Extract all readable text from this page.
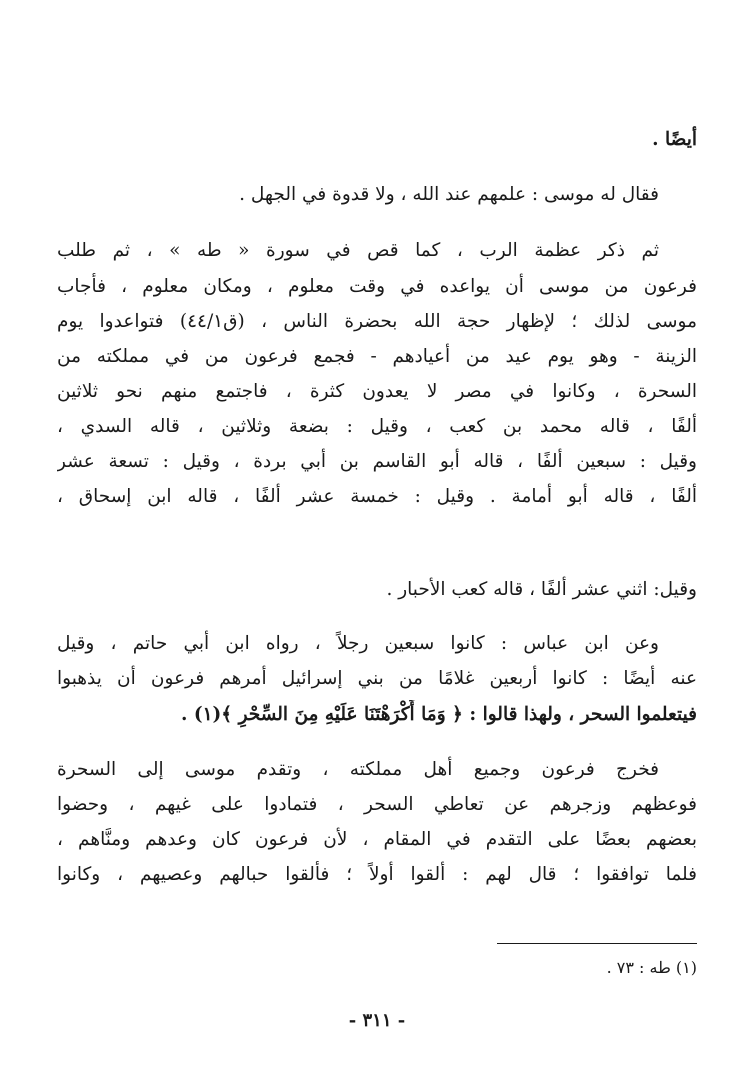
أيضًا .
فقال له موسى : علمهم عند الله ، ولا قدوة في الجهل .
ثم ذكر عظمة الرب ، كما قص في سورة « طه » ، ثم طلب
فرعون من موسى أن يواعده في وقت معلوم ، ومكان معلوم ، فأجاب
موسى لذلك ؛ لإظهار حجة الله بحضرة الناس ، (ق٤٤/١) فتواعدوا يوم
الزينة - وهو يوم عيد من أعيادهم - فجمع فرعون من في مملكته من
السحرة ، وكانوا في مصر لا يعدون كثرة ، فاجتمع منهم نحو ثلاثين
ألفًا ، قاله محمد بن كعب ، وقيل : بضعة وثلاثين ، قاله السدي ،
وقيل : سبعين ألفًا ، قاله أبو القاسم بن أبي بردة ، وقيل : تسعة عشر
ألفًا ، قاله أبو أمامة . وقيل : خمسة عشر ألفًا ، قاله ابن إسحاق ،
وقيل: اثني عشر ألفًا ، قاله كعب الأحبار .
وعن ابن عباس : كانوا سبعين رجلاً ، رواه ابن أبي حاتم ، وقيل
عنه أيضًا : كانوا أربعين غلامًا من بني إسرائيل أمرهم فرعون أن يذهبوا
فيتعلموا السحر ، ولهذا قالوا : ﴿ وَمَا أَكْرَهْتَنَا عَلَيْهِ مِنَ السِّحْرِ ﴾(١) .
فخرج فرعون وجميع أهل مملكته ، وتقدم موسى إلى السحرة
فوعظهم وزجرهم عن تعاطي السحر ، فتمادوا على غيهم ، وحضوا
بعضهم بعضًا على التقدم في المقام ، لأن فرعون كان وعدهم ومنَّاهم ،
فلما توافقوا ؛ قال لهم : ألقوا أولاً ؛ فألقوا حبالهم وعصيهم ، وكانوا
(١) طه : ٧٣ .
- ٣١١ -
